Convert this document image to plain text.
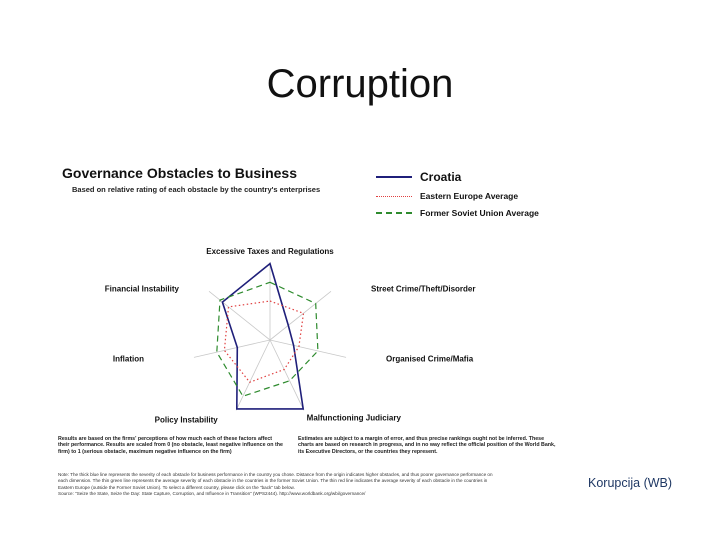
Corruption
Governance Obstacles to Business
Based on relative rating of each obstacle by the country's enterprises
Croatia
Eastern Europe Average
Former Soviet Union Average
Excessive Taxes and Regulations
Street Crime/Theft/Disorder
Organised Crime/Mafia
Malfunctioning Judiciary
Policy Instability
Inflation
Financial Instability
Estimates are subject to a margin of error, and thus precise rankings ought not be inferred. These charts are based on research in progress, and in no way reflect the official position of the World Bank, its Executive Directors, or the countries they represent.
Results are based on the firms' perceptions of how much each of these factors affect their performance. Results are scaled from 0 (no obstacle, least negative influence on the firm) to 1 (serious obstacle, maximum negative influence on the firm)
Note: The thick blue line represents the severity of each obstacle for business performance in the country you chose. Distance from the origin indicates higher obstacles, and thus poorer governance performance on
each dimension. The thin green line represents the average severity of each obstacle in the countries in the former Soviet Union. The thin red line indicates the average severity of each obstacle in the countries in
Eastern Europe (outside the Former Soviet Union). To select a different country, please click on the "back" tab below.
Source: "Seize the State, Seize the Day: State Capture, Corruption, and Influence in Transition" (WPS2444). http://www.worldbank.org/wbi/governance/
Korupcija (WB)
